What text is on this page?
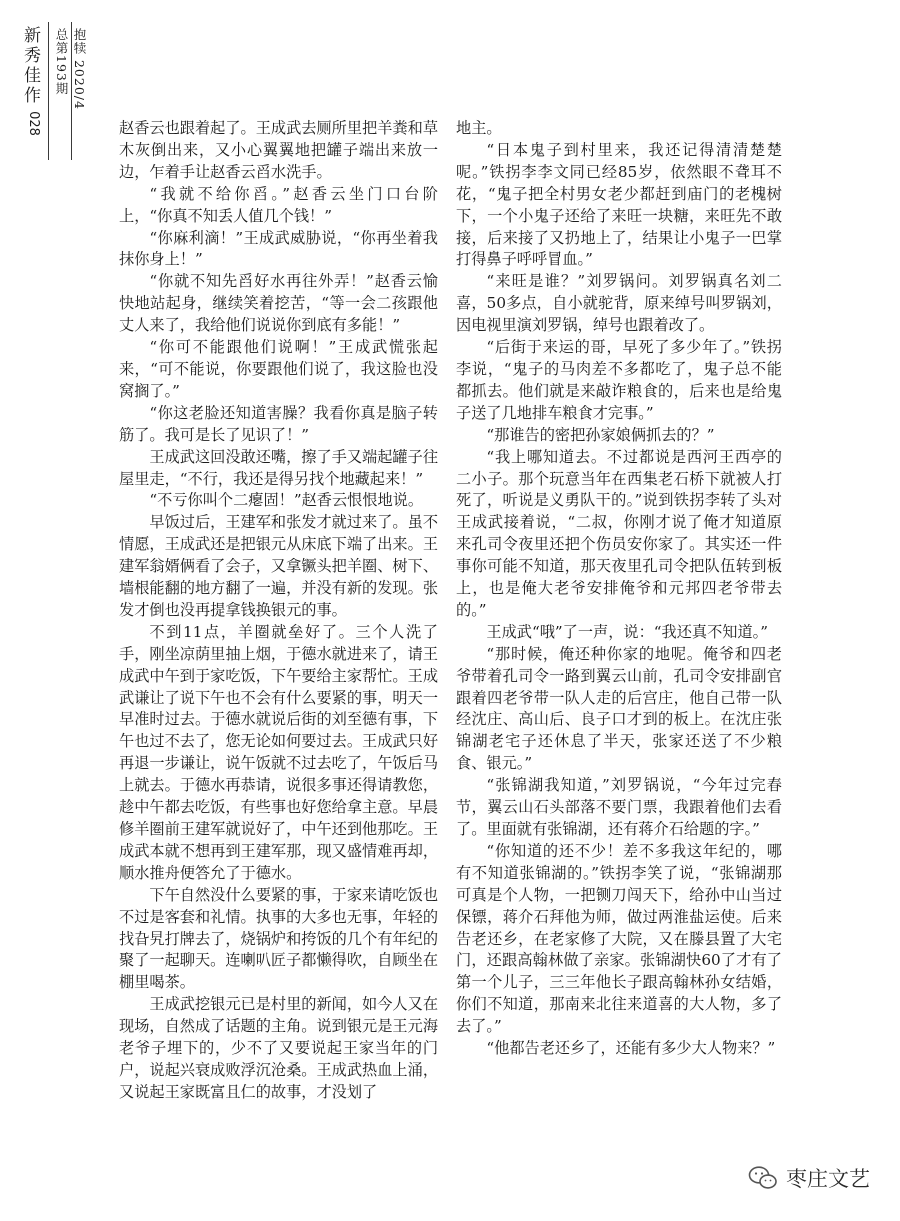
新秀佳作
028
抱犊 2020/4
总第193期

赵香云也跟着起了。王成武去厕所里把羊粪和草木灰倒出来，又小心翼翼地把罐子端出来放一边，乍着手让赵香云舀水洗手。

“我就不给你舀。”赵香云坐门口台阶上，“你真不知丢人值几个钱！”

“你麻利滴！”王成武威胁说，“你再坐着我抹你身上！”

“你就不知先舀好水再往外弄！”赵香云愉快地站起身，继续笑着挖苦，“等一会二孩跟他丈人来了，我给他们说说你到底有多能！”

“你可不能跟他们说啊！”王成武慌张起来，“可不能说，你要跟他们说了，我这脸也没窝搁了。”

“你这老脸还知道害臊？我看你真是脑子转筋了。我可是长了见识了！”

王成武这回没敢还嘴，擦了手又端起罐子往屋里走，“不行，我还是得另找个地藏起来！”

“不亏你叫个二瘪固！”赵香云恨恨地说。

早饭过后，王建军和张发才就过来了。虽不情愿，王成武还是把银元从床底下端了出来。王建军翁婿俩看了会子，又拿镢头把羊圈、树下、墙根能翻的地方翻了一遍，并没有新的发现。张发才倒也没再提拿钱换银元的事。

不到11点，羊圈就垒好了。三个人洗了手，刚坐凉荫里抽上烟，于德水就进来了，请王成武中午到于家吃饭，下午要给主家帮忙。王成武谦让了说下午也不会有什么要紧的事，明天一早准时过去。于德水就说后街的刘至德有事，下午也过不去了，您无论如何要过去。王成武只好再退一步谦让，说午饭就不过去吃了，午饭后马上就去。于德水再恭请，说很多事还得请教您，趁中午都去吃饭，有些事也好您给拿主意。早晨修羊圈前王建军就说好了，中午还到他那吃。王成武本就不想再到王建军那，现又盛情难再却，顺水推舟便答允了于德水。

下午自然没什么要紧的事，于家来请吃饭也不过是客套和礼情。执事的大多也无事，年轻的找旮旯打牌去了，烧锅炉和挎饭的几个有年纪的聚了一起聊天。连喇叭匠子都懒得吹，自顾坐在棚里喝茶。

王成武挖银元已是村里的新闻，如今人又在现场，自然成了话题的主角。说到银元是王元海老爷子埋下的，少不了又要说起王家当年的门户，说起兴衰成败浮沉沧桑。王成武热血上涌，又说起王家既富且仁的故事，才没划了

地主。

“日本鬼子到村里来，我还记得清清楚楚呢。”铁拐李李文同已经85岁，依然眼不聋耳不花，“鬼子把全村男女老少都赶到庙门的老槐树下，一个小鬼子还给了来旺一块糖，来旺先不敢接，后来接了又扔地上了，结果让小鬼子一巴掌打得鼻子呼呼冒血。”

“来旺是谁？”刘罗锅问。刘罗锅真名刘二喜，50多点，自小就驼背，原来绰号叫罗锅刘，因电视里演刘罗锅，绰号也跟着改了。

“后街于来运的哥，早死了多少年了。”铁拐李说，“鬼子的马肉差不多都吃了，鬼子总不能都抓去。他们就是来敲诈粮食的，后来也是给鬼子送了几地排车粮食才完事。”

“那谁告的密把孙家娘俩抓去的？”

“我上哪知道去。不过都说是西河王西亭的二小子。那个玩意当年在西集老石桥下就被人打死了，听说是义勇队干的。”说到铁拐李转了头对王成武接着说，“二叔，你刚才说了俺才知道原来孔司令夜里还把个伤员安你家了。其实还一件事你可能不知道，那天夜里孔司令把队伍转到板上，也是俺大老爷安排俺爷和元邦四老爷带去的。”

王成武“哦”了一声，说：“我还真不知道。”

“那时候，俺还种你家的地呢。俺爷和四老爷带着孔司令一路到翼云山前，孔司令安排副官跟着四老爷带一队人走的后宫庄，他自己带一队经沈庄、高山后、良子口才到的板上。在沈庄张锦湖老宅子还休息了半天，张家还送了不少粮食、银元。”

“张锦湖我知道，”刘罗锅说，“今年过完春节，翼云山石头部落不要门票，我跟着他们去看了。里面就有张锦湖，还有蒋介石给题的字。”

“你知道的还不少！差不多我这年纪的，哪有不知道张锦湖的。”铁拐李笑了说，“张锦湖那可真是个人物，一把铡刀闯天下，给孙中山当过保镖，蒋介石拜他为师，做过两淮盐运使。后来告老还乡，在老家修了大院，又在滕县置了大宅门，还跟高翰林做了亲家。张锦湖快60了才有了第一个儿子，三三年他长子跟高翰林孙女结婚，你们不知道，那南来北往来道喜的大人物，多了去了。”

“他都告老还乡了，还能有多少大人物来？”

枣庄文艺
